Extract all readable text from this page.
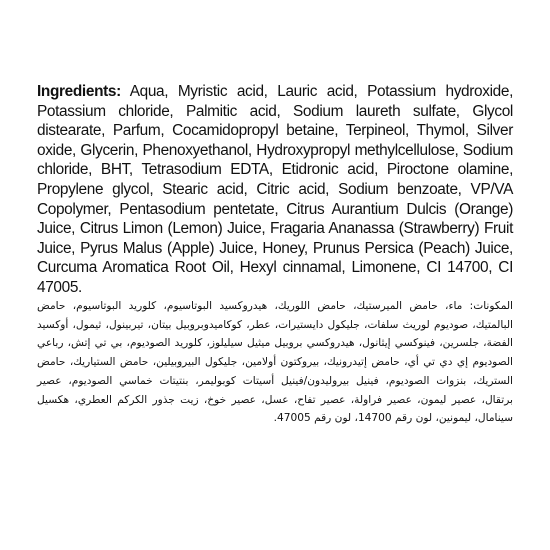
Ingredients: Aqua, Myristic acid, Lauric acid, Potassium hydroxide, Potassium chloride, Palmitic acid, Sodium laureth sulfate, Glycol distearate, Parfum, Cocamidopropyl betaine, Terpineol, Thymol, Silver oxide, Glycerin, Phenoxyethanol, Hydroxypropyl methylcellulose, Sodium chloride, BHT, Tetrasodium EDTA, Etidronic acid, Piroctone olamine, Propylene glycol, Stearic acid, Citric acid, Sodium benzoate, VP/VA Copolymer, Pentasodium pentetate, Citrus Aurantium Dulcis (Orange) Juice, Citrus Limon (Lemon) Juice, Fragaria Ananassa (Strawberry) Fruit Juice, Pyrus Malus (Apple) Juice, Honey, Prunus Persica (Peach) Juice, Curcuma Aromatica Root Oil, Hexyl cinnamal, Limonene, CI 14700, CI 47005.
المكونات: ماء، حامض الميرستيك، حامض اللوريك، هيدروكسيد البوتاسيوم، كلوريد البوتاسيوم، حامض البالمتيك، صوديوم لوريث سلفات، جليكول دايستيرات، عطر، كوكاميدوبروبيل بيتان، تيربينول، ثيمول، أوكسيد الفضة، جلسرين، فينوكسي إيثانول، هيدروكسي بروبيل ميثيل سيليلوز، كلوريد الصوديوم، بي تي إتش، رباعي الصوديوم إي دي تي أي، حامض إتيدرونيك، بيروكتون أولامين، جليكول البيروبيلين، حامض الستياريك، حامض الستريك، بنزوات الصوديوم، فينيل بيروليدون/فينيل أسيتات كوبوليمر، بنتيتات خماسي الصوديوم، عصير برتقال، عصير ليمون، عصير فراولة، عصير تفاح، عسل، عصير خوخ، زيت جذور الكركم العطري، هكسيل سينامال، ليمونين، لون رقم 14700، لون رقم 47005.
